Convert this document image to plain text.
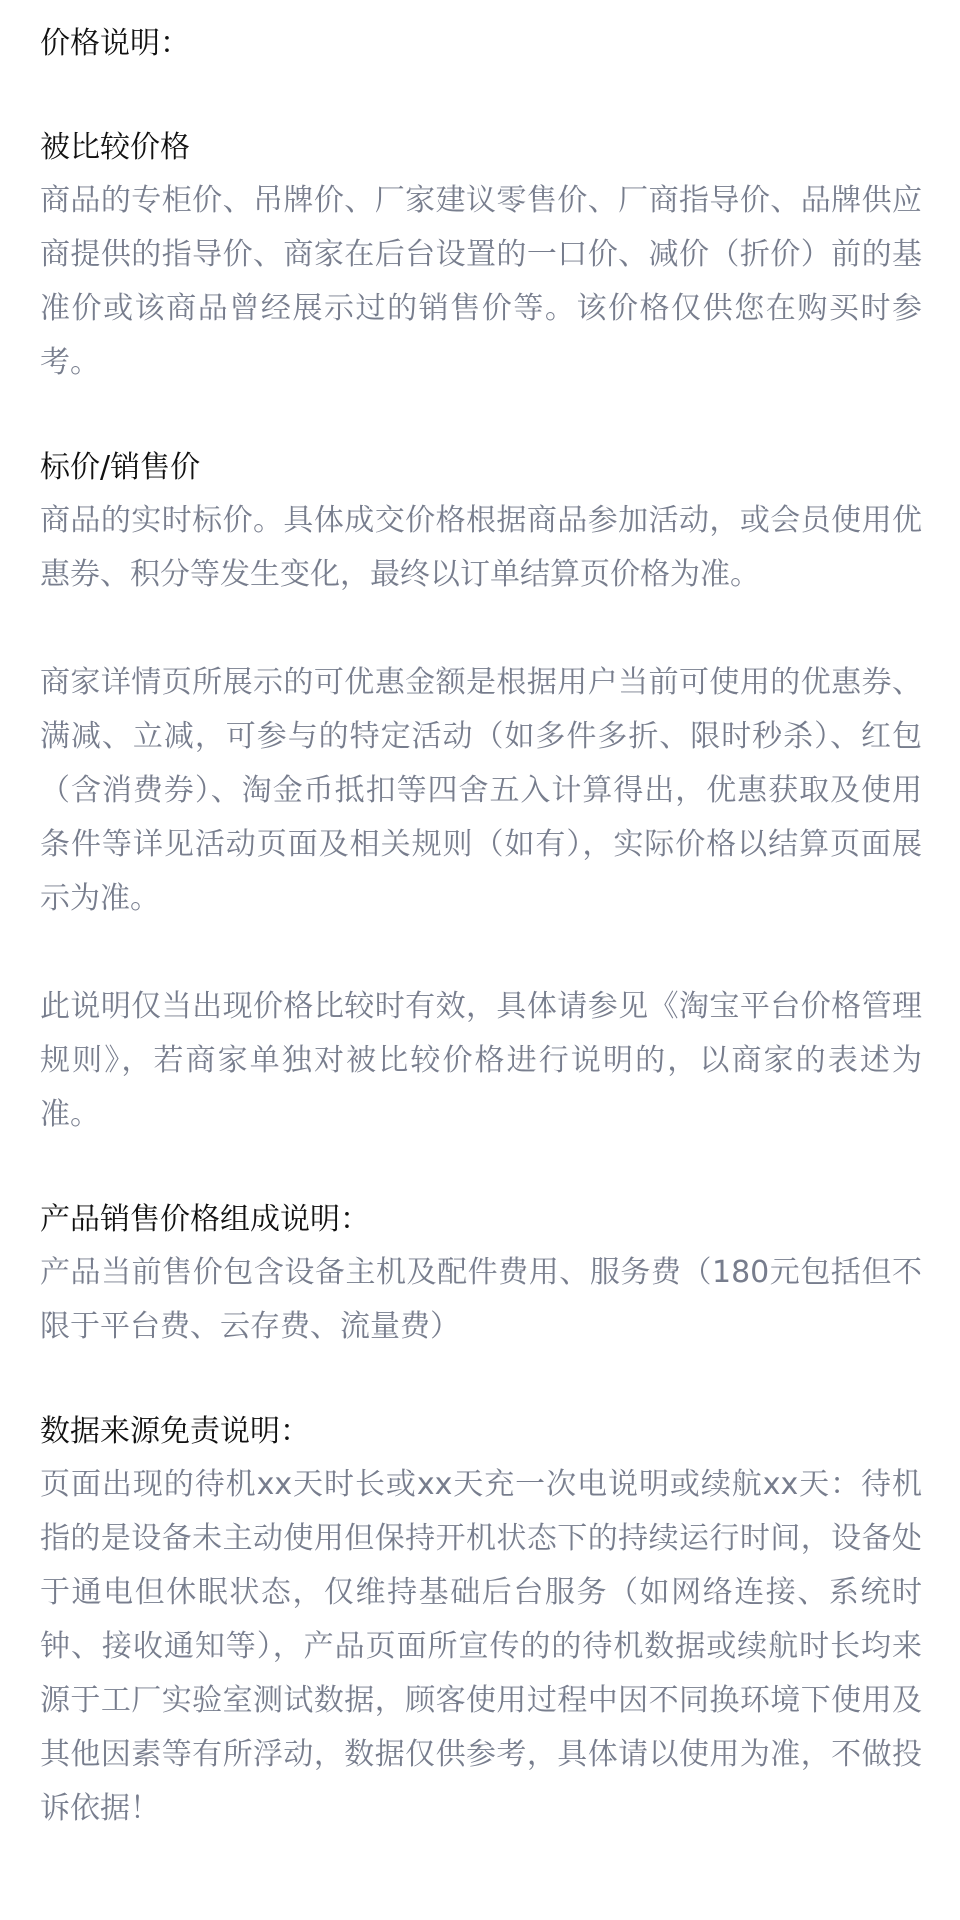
价格说明：
被比较价格

商品的专柜价、吊牌价、厂家建议零售价、厂商指导价、品牌供应商提供的指导价、商家在后台设置的一口价、减价（折价）前的基准价或该商品曾经展示过的销售价等。该价格仅供您在购买时参考。

标价/销售价

商品的实时标价。具体成交价格根据商品参加活动，或会员使用优惠券、积分等发生变化，最终以订单结算页价格为准。

商家详情页所展示的可优惠金额是根据用户当前可使用的优惠券、满减、立减，可参与的特定活动（如多件多折、限时秒杀）、红包（含消费券）、淘金币抵扣等四舍五入计算得出，优惠获取及使用条件等详见活动页面及相关规则（如有），实际价格以结算页面展示为准。

此说明仅当出现价格比较时有效，具体请参见《淘宝平台价格管理规则》，若商家单独对被比较价格进行说明的，以商家的表述为准。

产品销售价格组成说明：

产品当前售价包含设备主机及配件费用、服务费（180元包括但不限于平台费、云存费、流量费）

数据来源免责说明：

页面出现的待机xx天时长或xx天充一次电说明或续航xx天：待机指的是设备未主动使用但保持开机状态下的持续运行时间，设备处于通电但休眠状态，仅维持基础后台服务（如网络连接、系统时钟、接收通知等），产品页面所宣传的的待机数据或续航时长均来源于工厂实验室测试数据，顾客使用过程中因不同换环境下使用及其他因素等有所浮动，数据仅供参考，具体请以使用为准，不做投诉依据！
